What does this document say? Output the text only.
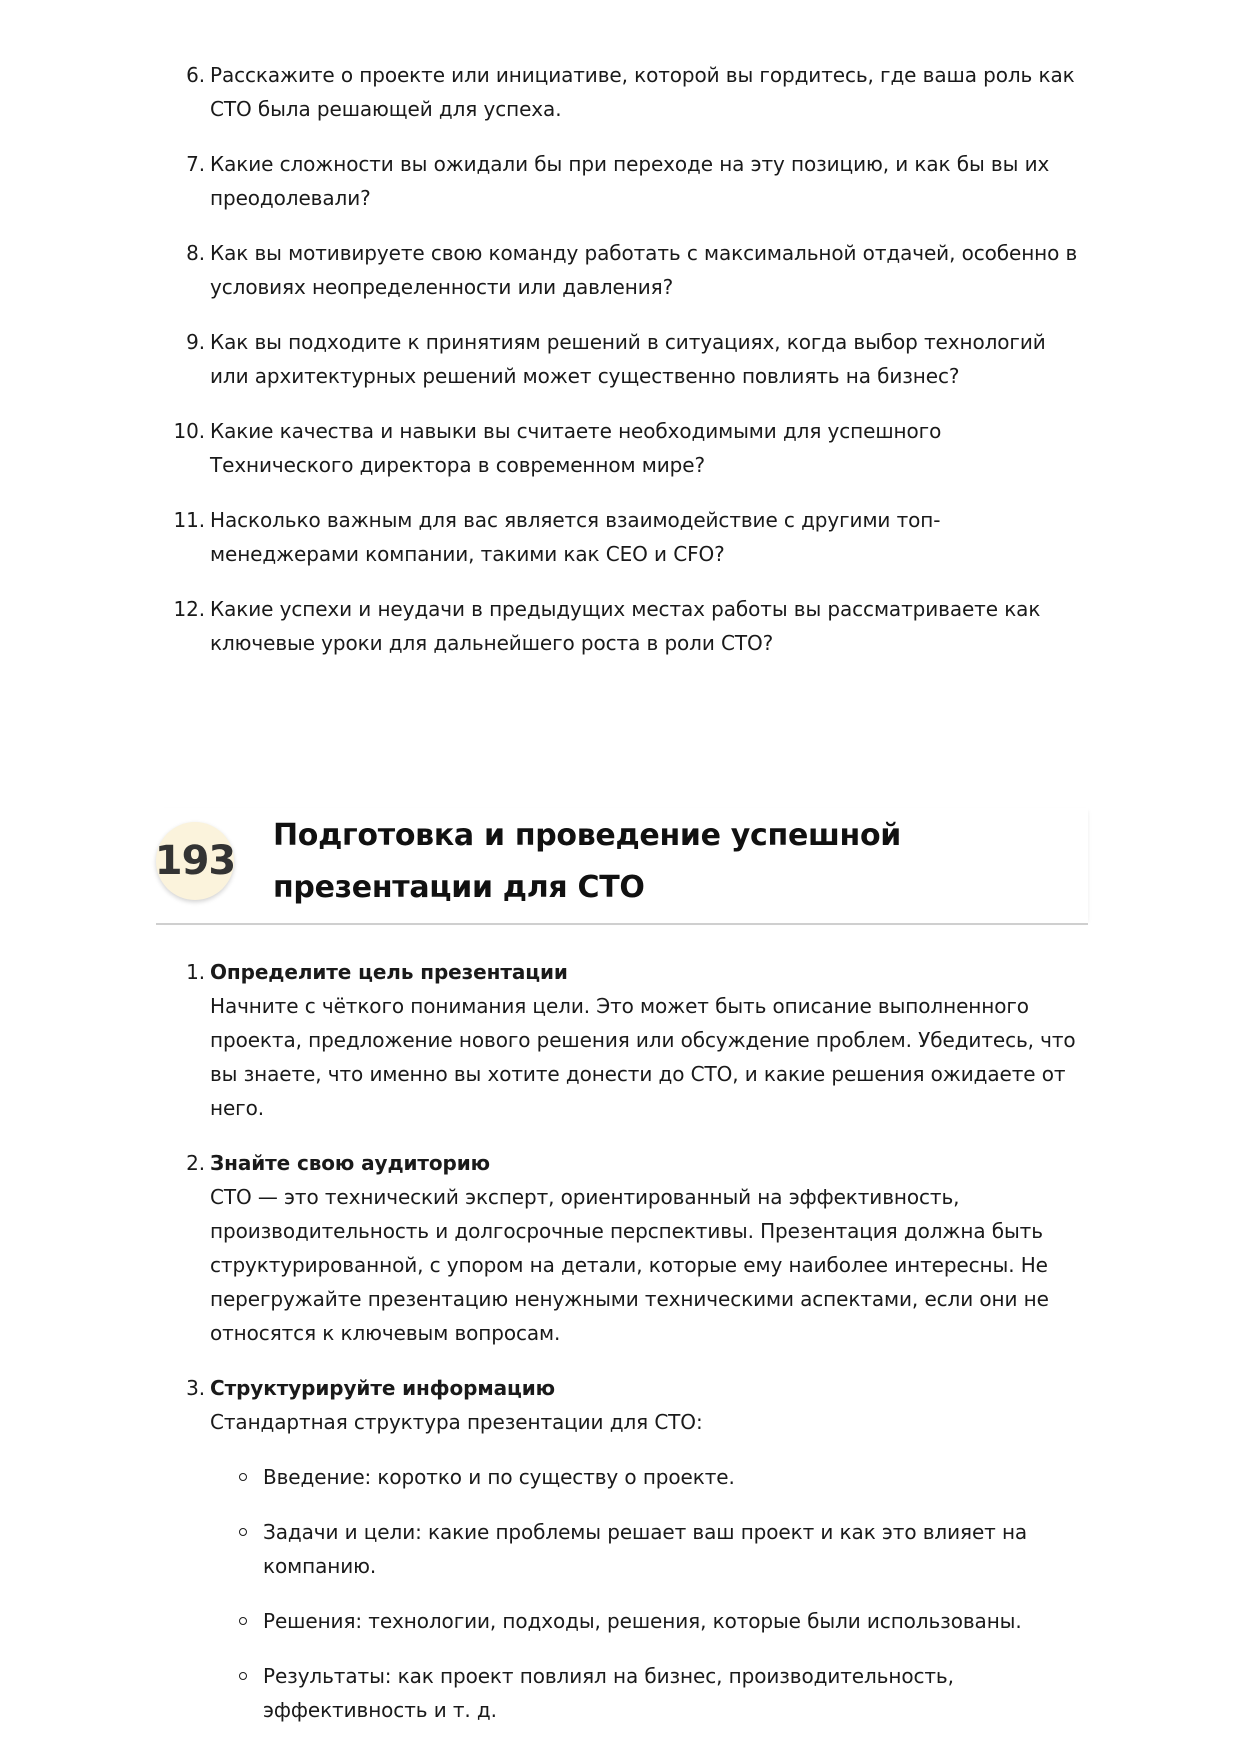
6. Расскажите о проекте или инициативе, которой вы гордитесь, где ваша роль как СТО была решающей для успеха.
7. Какие сложности вы ожидали бы при переходе на эту позицию, и как бы вы их преодолевали?
8. Как вы мотивируете свою команду работать с максимальной отдачей, особенно в условиях неопределенности или давления?
9. Как вы подходите к принятиям решений в ситуациях, когда выбор технологий или архитектурных решений может существенно повлиять на бизнес?
10. Какие качества и навыки вы считаете необходимыми для успешного Технического директора в современном мире?
11. Насколько важным для вас является взаимодействие с другими топ-менеджерами компании, такими как CEO и CFO?
12. Какие успехи и неудачи в предыдущих местах работы вы рассматриваете как ключевые уроки для дальнейшего роста в роли СТО?
193
Подготовка и проведение успешной презентации для СТО
1. Определите цель презентации
Начните с чёткого понимания цели. Это может быть описание выполненного проекта, предложение нового решения или обсуждение проблем. Убедитесь, что вы знаете, что именно вы хотите донести до СТО, и какие решения ожидаете от него.
2. Знайте свою аудиторию
СТО — это технический эксперт, ориентированный на эффективность, производительность и долгосрочные перспективы. Презентация должна быть структурированной, с упором на детали, которые ему наиболее интересны. Не перегружайте презентацию ненужными техническими аспектами, если они не относятся к ключевым вопросам.
3. Структурируйте информацию
Стандартная структура презентации для СТО:
Введение: коротко и по существу о проекте.
Задачи и цели: какие проблемы решает ваш проект и как это влияет на компанию.
Решения: технологии, подходы, решения, которые были использованы.
Результаты: как проект повлиял на бизнес, производительность, эффективность и т. д.
